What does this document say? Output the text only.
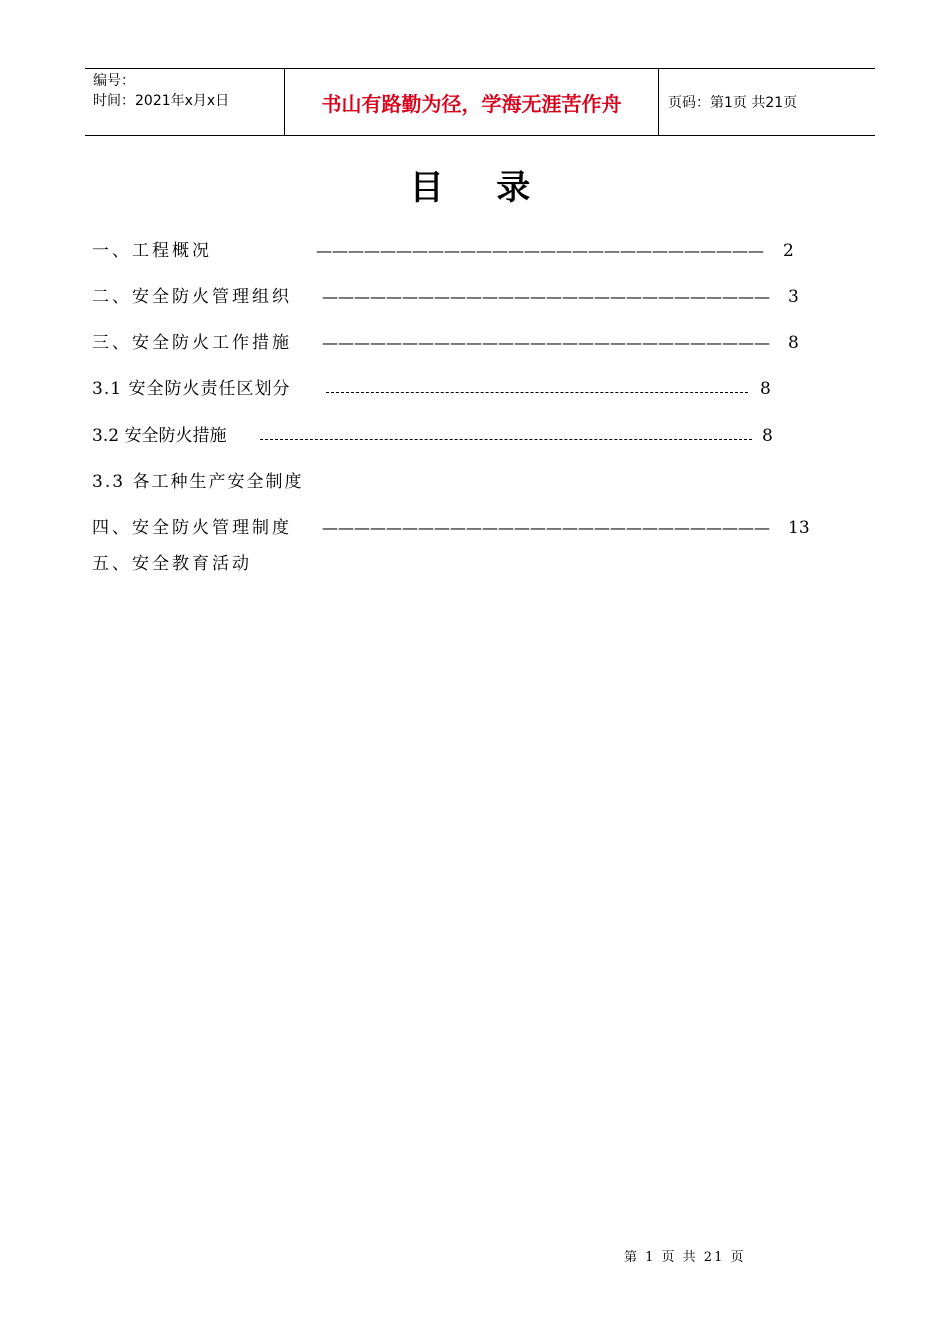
编号：
时间：2021年x月x日	书山有路勤为径，学海无涯苦作舟	页码：第1页 共21页
目 录
一、工程概况	————————————————————————————	2
二、安全防火管理组织 ————————————————————————————	3
三、安全防火工作措施 ————————————————————————————	8
3.1 安全防火责任区划分	8
3.2 安全防火措施	8
3.3 各工种生产安全制度
四、安全防火管理制度 ————————————————————————————	13
五、安全教育活动
第 1 页 共 21 页
